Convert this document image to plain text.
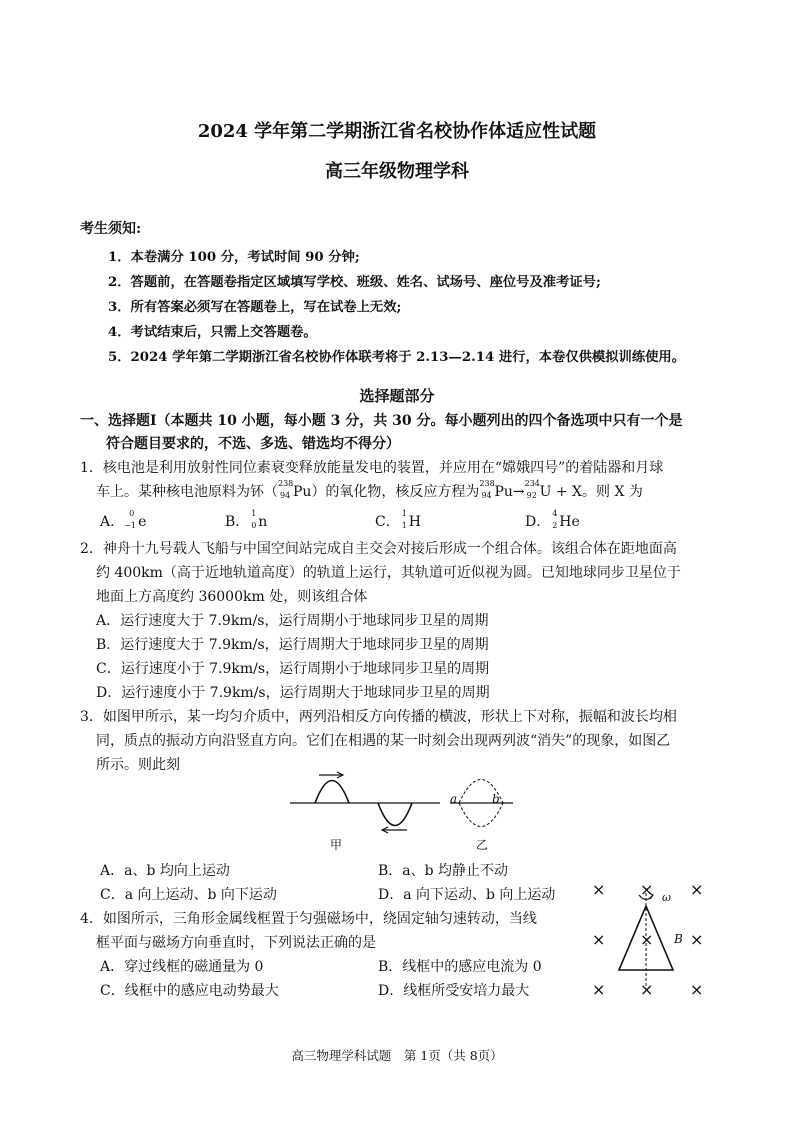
2024 学年第二学期浙江省名校协作体适应性试题
高三年级物理学科
考生须知:
1．本卷满分 100 分，考试时间 90 分钟;
2．答题前，在答题卷指定区域填写学校、班级、姓名、试场号、座位号及准考证号;
3．所有答案必须写在答题卷上，写在试卷上无效;
4．考试结束后，只需上交答题卷。
5．2024 学年第二学期浙江省名校协作体联考将于 2.13—2.14 进行，本卷仅供模拟训练使用。
选择题部分
一、选择题Ⅰ（本题共 10 小题，每小题 3 分，共 30 分。每小题列出的四个备选项中只有一个是
符合题目要求的，不选、多选、错选均不得分）
1．核电池是利用放射性同位素衰变释放能量发电的装置，并应用在“嫦娥四号”的着陆器和月球
车上。某种核电池原料为钚（
238
94 Pu）的氧化物，核反应方程为
238
94 Pu→
234
92 U + X。则 X 为
A．
0
−1 e	B．
1
0 n	C．
1
1 H	D．
4
2 He
2．神舟十九号载人飞船与中国空间站完成自主交会对接后形成一个组合体。该组合体在距地面高
约 400km（高于近地轨道高度）的轨道上运行，其轨道可近似视为圆。已知地球同步卫星位于
地面上方高度约 36000km 处，则该组合体
A．运行速度大于 7.9km/s，运行周期小于地球同步卫星的周期
B．运行速度大于 7.9km/s，运行周期大于地球同步卫星的周期
C．运行速度小于 7.9km/s，运行周期小于地球同步卫星的周期
D．运行速度小于 7.9km/s，运行周期大于地球同步卫星的周期
3．如图甲所示，某一均匀介质中，两列沿相反方向传播的横波，形状上下对称，振幅和波长均相
同，质点的振动方向沿竖直方向。它们在相遇的某一时刻会出现两列波“消失”的现象，如图乙
所示。则此刻
a	b
甲	乙
A．a、b 均向上运动	B．a、b 均静止不动
C．a 向上运动、b 向下运动	D．a 向下运动、b 向上运动
4．如图所示，三角形金属线框置于匀强磁场中，绕固定轴匀速转动，当线
框平面与磁场方向垂直时，下列说法正确的是
A．穿过线框的磁通量为 0	B．线框中的感应电流为 0
C．线框中的感应电动势最大	D．线框所受安培力最大
× × ×
× × ×
× × ×
ω
B
高三物理学科试题　第 1页（共 8页）
